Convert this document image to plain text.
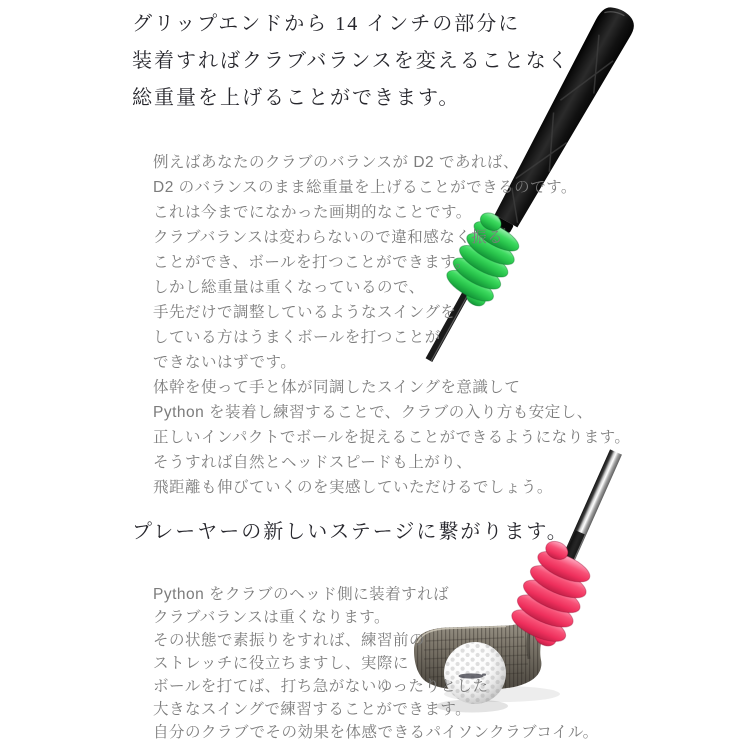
グリップエンドから 14 インチの部分に
装着すればクラブバランスを変えることなく
総重量を上げることができます。
例えばあなたのクラブのバランスが D2 であれば、
D2 のバランスのまま総重量を上げることができるのです。
これは今までになかった画期的なことです。
クラブバランスは変わらないので違和感なく振る
ことができ、ボールを打つことができます。
しかし総重量は重くなっているので、
手先だけで調整しているようなスイングを
している方はうまくボールを打つことが
できないはずです。
体幹を使って手と体が同調したスイングを意識して
Python を装着し練習することで、クラブの入り方も安定し、
正しいインパクトでボールを捉えることができるようになります。
そうすれば自然とヘッドスピードも上がり、
飛距離も伸びていくのを実感していただけるでしょう。
プレーヤーの新しいステージに繋がります。
Python をクラブのヘッド側に装着すれば
クラブバランスは重くなります。
その状態で素振りをすれば、練習前の
ストレッチに役立ちますし、実際に
ボールを打てば、打ち急がないゆったりとした
大きなスイングで練習することができます。
自分のクラブでその効果を体感できるパイソンクラブコイル。
